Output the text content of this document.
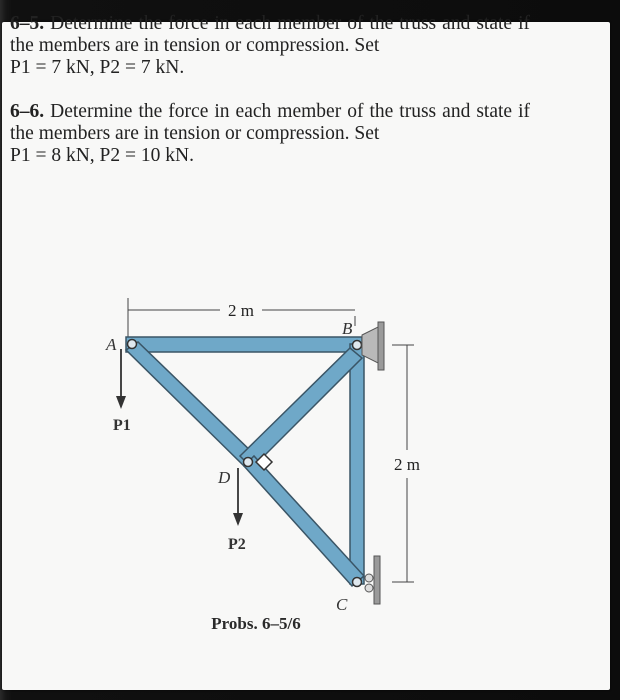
6–5. Determine the force in each member of the truss and state if the members are in tension or compression. Set

P1 = 7 kN, P2 = 7 kN.

6–6. Determine the force in each member of the truss and state if the members are in tension or compression. Set

P1 = 8 kN, P2 = 10 kN.

2 m
2 m
A
B
D
C
P1
P2
Probs. 6–5/6
